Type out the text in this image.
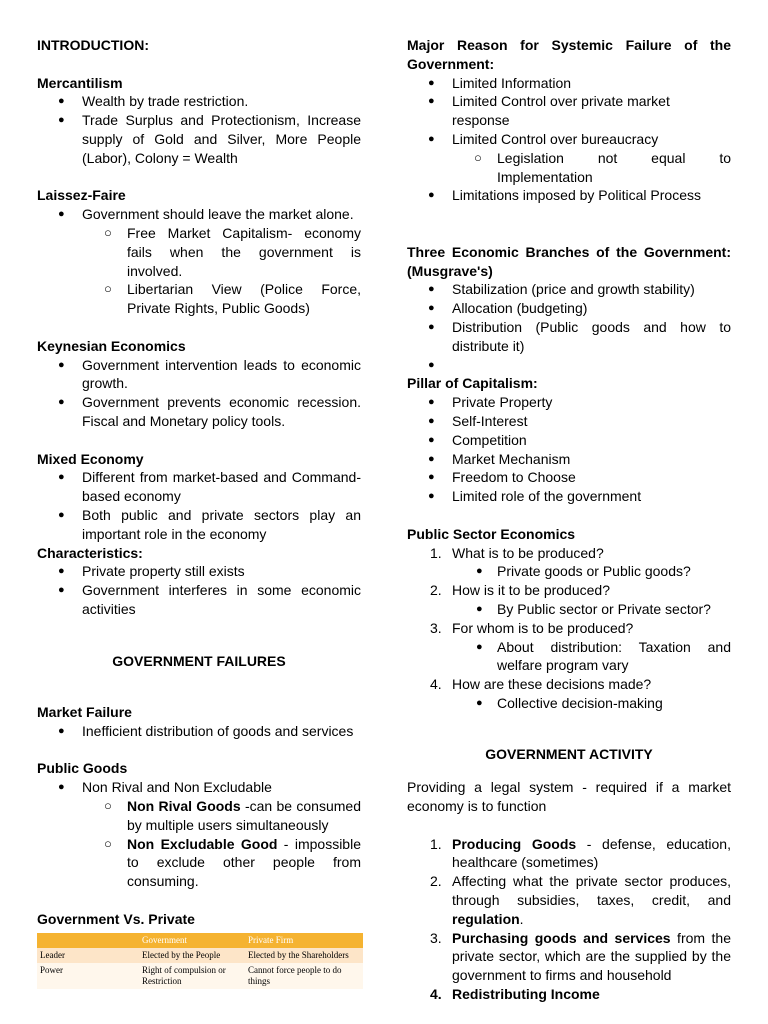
INTRODUCTION:

Mercantilism

● Wealth by trade restriction.
● Trade Surplus and Protectionism, Increase supply of Gold and Silver, More People (Labor), Colony = Wealth

Laissez-Faire

● Government should leave the market alone.
○ Free Market Capitalism- economy fails when the government is involved.
○ Libertarian View (Police Force, Private Rights, Public Goods)

Keynesian Economics

● Government intervention leads to economic growth.
● Government prevents economic recession. Fiscal and Monetary policy tools.

Mixed Economy

● Different from market-based and Command-based economy
● Both public and private sectors play an important role in the economy

Characteristics:

● Private property still exists
● Government interferes in some economic activities

GOVERNMENT FAILURES

Market Failure

● Inefficient distribution of goods and services

Public Goods

● Non Rival and Non Excludable
○ Non Rival Goods -can be consumed by multiple users simultaneously
○ Non Excludable Good - impossible to exclude other people from consuming.

Government Vs. Private

	Government	Private Firm
Leader	Elected by the People	Elected by the Shareholders
Power	Right of compulsion or Restriction	Cannot force people to do things

Major Reason for Systemic Failure of the Government:

● Limited Information
● Limited Control over private market response
● Limited Control over bureaucracy
○ Legislation not equal to Implementation
● Limitations imposed by Political Process

Three Economic Branches of the Government: (Musgrave's)

● Stabilization (price and growth stability)
● Allocation (budgeting)
● Distribution (Public goods and how to distribute it)
●

Pillar of Capitalism:

● Private Property
● Self-Interest
● Competition
● Market Mechanism
● Freedom to Choose
● Limited role of the government

Public Sector Economics

1. What is to be produced?
● Private goods or Public goods?
2. How is it to be produced?
● By Public sector or Private sector?
3. For whom is to be produced?
● About distribution: Taxation and welfare program vary
4. How are these decisions made?
● Collective decision-making

GOVERNMENT ACTIVITY

Providing a legal system - required if a market economy is to function

1. Producing Goods - defense, education, healthcare (sometimes)
2. Affecting what the private sector produces, through subsidies, taxes, credit, and regulation.
3. Purchasing goods and services from the private sector, which are the supplied by the government to firms and household
4. Redistributing Income
